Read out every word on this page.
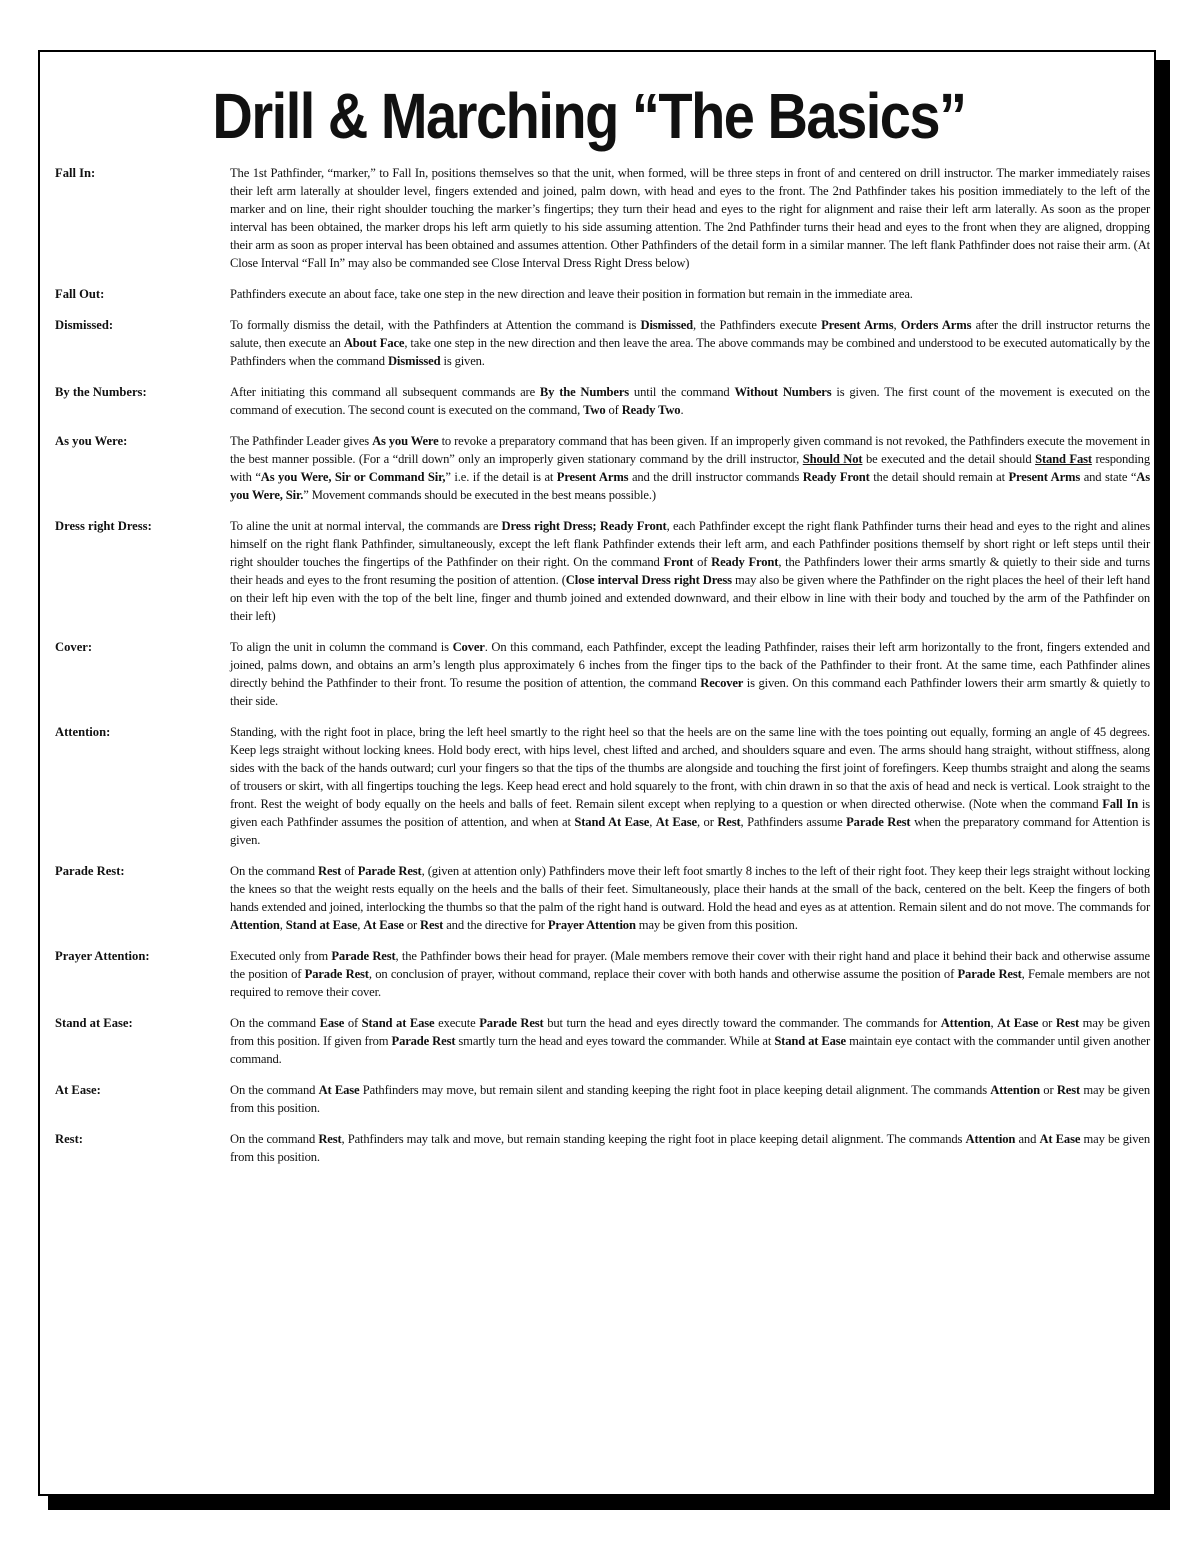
Drill & Marching “The Basics”
Fall In:	The 1st Pathfinder, “marker,” to Fall In, positions themselves so that the unit, when formed, will be three steps in front of and centered on drill instructor. The marker immediately raises their left arm laterally at shoulder level, fingers extended and joined, palm down, with head and eyes to the front. The 2nd Pathfinder takes his position immediately to the left of the marker and on line, their right shoulder touching the marker’s fingertips; they turn their head and eyes to the right for alignment and raise their left arm laterally. As soon as the proper interval has been obtained, the marker drops his left arm quietly to his side assuming attention. The 2nd Pathfinder turns their head and eyes to the front when they are aligned, dropping their arm as soon as proper interval has been obtained and assumes attention. Other Pathfinders of the detail form in a similar manner. The left flank Pathfinder does not raise their arm. (At Close Interval “Fall In” may also be commanded see Close Interval Dress Right Dress below)
Fall Out:	Pathfinders execute an about face, take one step in the new direction and leave their position in formation but remain in the immediate area.
Dismissed:	To formally dismiss the detail, with the Pathfinders at Attention the command is Dismissed, the Pathfinders execute Present Arms, Orders Arms after the drill instructor returns the salute, then execute an About Face, take one step in the new direction and then leave the area. The above commands may be combined and understood to be executed automatically by the Pathfinders when the command Dismissed is given.
By the Numbers:	After initiating this command all subsequent commands are By the Numbers until the command Without Numbers is given. The first count of the movement is executed on the command of execution. The second count is executed on the command, Two of Ready Two.
As you Were:	The Pathfinder Leader gives As you Were to revoke a preparatory command that has been given. If an improperly given command is not revoked, the Pathfinders execute the movement in the best manner possible. (For a “drill down” only an improperly given stationary command by the drill instructor, Should Not be executed and the detail should Stand Fast responding with “As you Were, Sir or Command Sir,” i.e. if the detail is at Present Arms and the drill instructor commands Ready Front the detail should remain at Present Arms and state “As you Were, Sir.” Movement commands should be executed in the best means possible.)
Dress right Dress:	To aline the unit at normal interval, the commands are Dress right Dress; Ready Front, each Pathfinder except the right flank Pathfinder turns their head and eyes to the right and alines himself on the right flank Pathfinder, simultaneously, except the left flank Pathfinder extends their left arm, and each Pathfinder positions themself by short right or left steps until their right shoulder touches the fingertips of the Pathfinder on their right. On the command Front of Ready Front, the Pathfinders lower their arms smartly & quietly to their side and turns their heads and eyes to the front resuming the position of attention. (Close interval Dress right Dress may also be given where the Pathfinder on the right places the heel of their left hand on their left hip even with the top of the belt line, finger and thumb joined and extended downward, and their elbow in line with their body and touched by the arm of the Pathfinder on their left)
Cover:	To align the unit in column the command is Cover. On this command, each Pathfinder, except the leading Pathfinder, raises their left arm horizontally to the front, fingers extended and joined, palms down, and obtains an arm’s length plus approximately 6 inches from the finger tips to the back of the Pathfinder to their front. At the same time, each Pathfinder alines directly behind the Pathfinder to their front. To resume the position of attention, the command Recover is given. On this command each Pathfinder lowers their arm smartly & quietly to their side.
Attention:	Standing, with the right foot in place, bring the left heel smartly to the right heel so that the heels are on the same line with the toes pointing out equally, forming an angle of 45 degrees. Keep legs straight without locking knees. Hold body erect, with hips level, chest lifted and arched, and shoulders square and even. The arms should hang straight, without stiffness, along sides with the back of the hands outward; curl your fingers so that the tips of the thumbs are alongside and touching the first joint of forefingers. Keep thumbs straight and along the seams of trousers or skirt, with all fingertips touching the legs. Keep head erect and hold squarely to the front, with chin drawn in so that the axis of head and neck is vertical. Look straight to the front. Rest the weight of body equally on the heels and balls of feet. Remain silent except when replying to a question or when directed otherwise. (Note when the command Fall In is given each Pathfinder assumes the position of attention, and when at Stand At Ease, At Ease, or Rest, Pathfinders assume Parade Rest when the preparatory command for Attention is given.
Parade Rest:	On the command Rest of Parade Rest, (given at attention only) Pathfinders move their left foot smartly 8 inches to the left of their right foot. They keep their legs straight without locking the knees so that the weight rests equally on the heels and the balls of their feet. Simultaneously, place their hands at the small of the back, centered on the belt. Keep the fingers of both hands extended and joined, interlocking the thumbs so that the palm of the right hand is outward. Hold the head and eyes as at attention. Remain silent and do not move. The commands for Attention, Stand at Ease, At Ease or Rest and the directive for Prayer Attention may be given from this position.
Prayer Attention:	Executed only from Parade Rest, the Pathfinder bows their head for prayer. (Male members remove their cover with their right hand and place it behind their back and otherwise assume the position of Parade Rest, on conclusion of prayer, without command, replace their cover with both hands and otherwise assume the position of Parade Rest, Female members are not required to remove their cover.
Stand at Ease:	On the command Ease of Stand at Ease execute Parade Rest but turn the head and eyes directly toward the commander. The commands for Attention, At Ease or Rest may be given from this position. If given from Parade Rest smartly turn the head and eyes toward the commander. While at Stand at Ease maintain eye contact with the commander until given another command.
At Ease:	On the command At Ease Pathfinders may move, but remain silent and standing keeping the right foot in place keeping detail alignment. The commands Attention or Rest may be given from this position.
Rest:	On the command Rest, Pathfinders may talk and move, but remain standing keeping the right foot in place keeping detail alignment. The commands Attention and At Ease may be given from this position.
